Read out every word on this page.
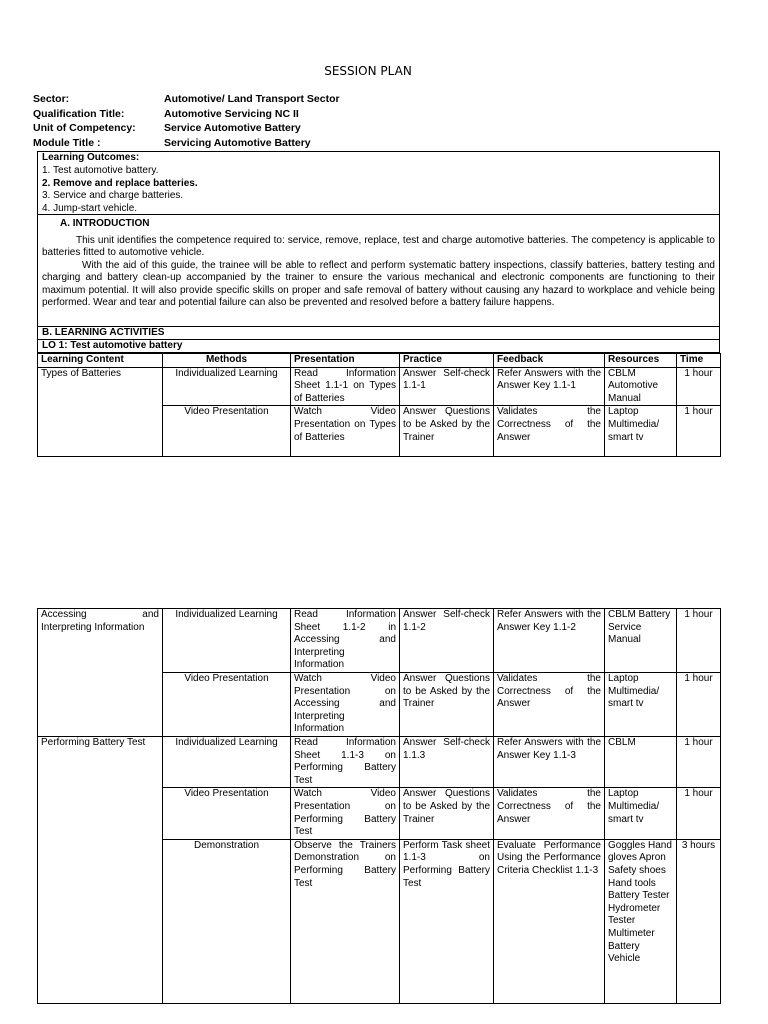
SESSION PLAN
Sector:	Automotive/ Land Transport Sector
Qualification Title:	Automotive Servicing NC II
Unit of Competency:	Service Automotive Battery
Module Title :	Servicing Automotive Battery
Learning Outcomes:
1. Test automotive battery.
2. Remove and replace batteries.
3. Service and charge batteries.
4. Jump-start vehicle.
A. INTRODUCTION

This unit identifies the competence required to: service, remove, replace, test and charge automotive batteries. The competency is applicable to batteries fitted to automotive vehicle.

With the aid of this guide, the trainee will be able to reflect and perform systematic battery inspections, classify batteries, battery testing and charging and battery clean-up accompanied by the trainer to ensure the various mechanical and electronic components are functioning to their maximum potential. It will also provide specific skills on proper and safe removal of battery without causing any hazard to workplace and vehicle being performed. Wear and tear and potential failure can also be prevented and resolved before a battery failure happens.

B. LEARNING ACTIVITIES
LO 1: Test automotive battery
Learning Content	Methods	Presentation	Practice	Feedback	Resources	Time
Types of Batteries	Individualized Learning	Read Information Sheet 1.1-1 on Types of Batteries	Answer Self-check 1.1-1	Refer Answers with the Answer Key 1.1-1	CBLM Automotive Manual	1 hour
	Video Presentation	Watch Video Presentation on Types of Batteries	Answer Questions to be Asked by the Trainer	Validates the Correctness of the Answer	Laptop Multimedia/ smart tv	1 hour
Accessing and Interpreting Information	Individualized Learning	Read Information Sheet 1.1-2 in Accessing and Interpreting Information	Answer Self-check 1.1-2	Refer Answers with the Answer Key 1.1-2	CBLM Battery Service Manual	1 hour
	Video Presentation	Watch Video Presentation on Accessing and Interpreting Information	Answer Questions to be Asked by the Trainer	Validates the Correctness of the Answer	Laptop Multimedia/ smart tv	1 hour
Performing Battery Test	Individualized Learning	Read Information Sheet 1.1-3 on Performing Battery Test	Answer Self-check 1.1.3	Refer Answers with the Answer Key 1.1-3	CBLM	1 hour
	Video Presentation	Watch Video Presentation on Performing Battery Test	Answer Questions to be Asked by the Trainer	Validates the Correctness of the Answer	Laptop Multimedia/ smart tv	1 hour
	Demonstration	Observe the Trainers Demonstration on Performing Battery Test	Perform Task sheet 1.1-3 on Performing Battery Test	Evaluate Performance Using the Performance Criteria Checklist 1.1-3	Goggles Hand gloves Apron Safety shoes Hand tools Battery Tester Hydrometer Tester Multimeter Battery Vehicle	3 hours
